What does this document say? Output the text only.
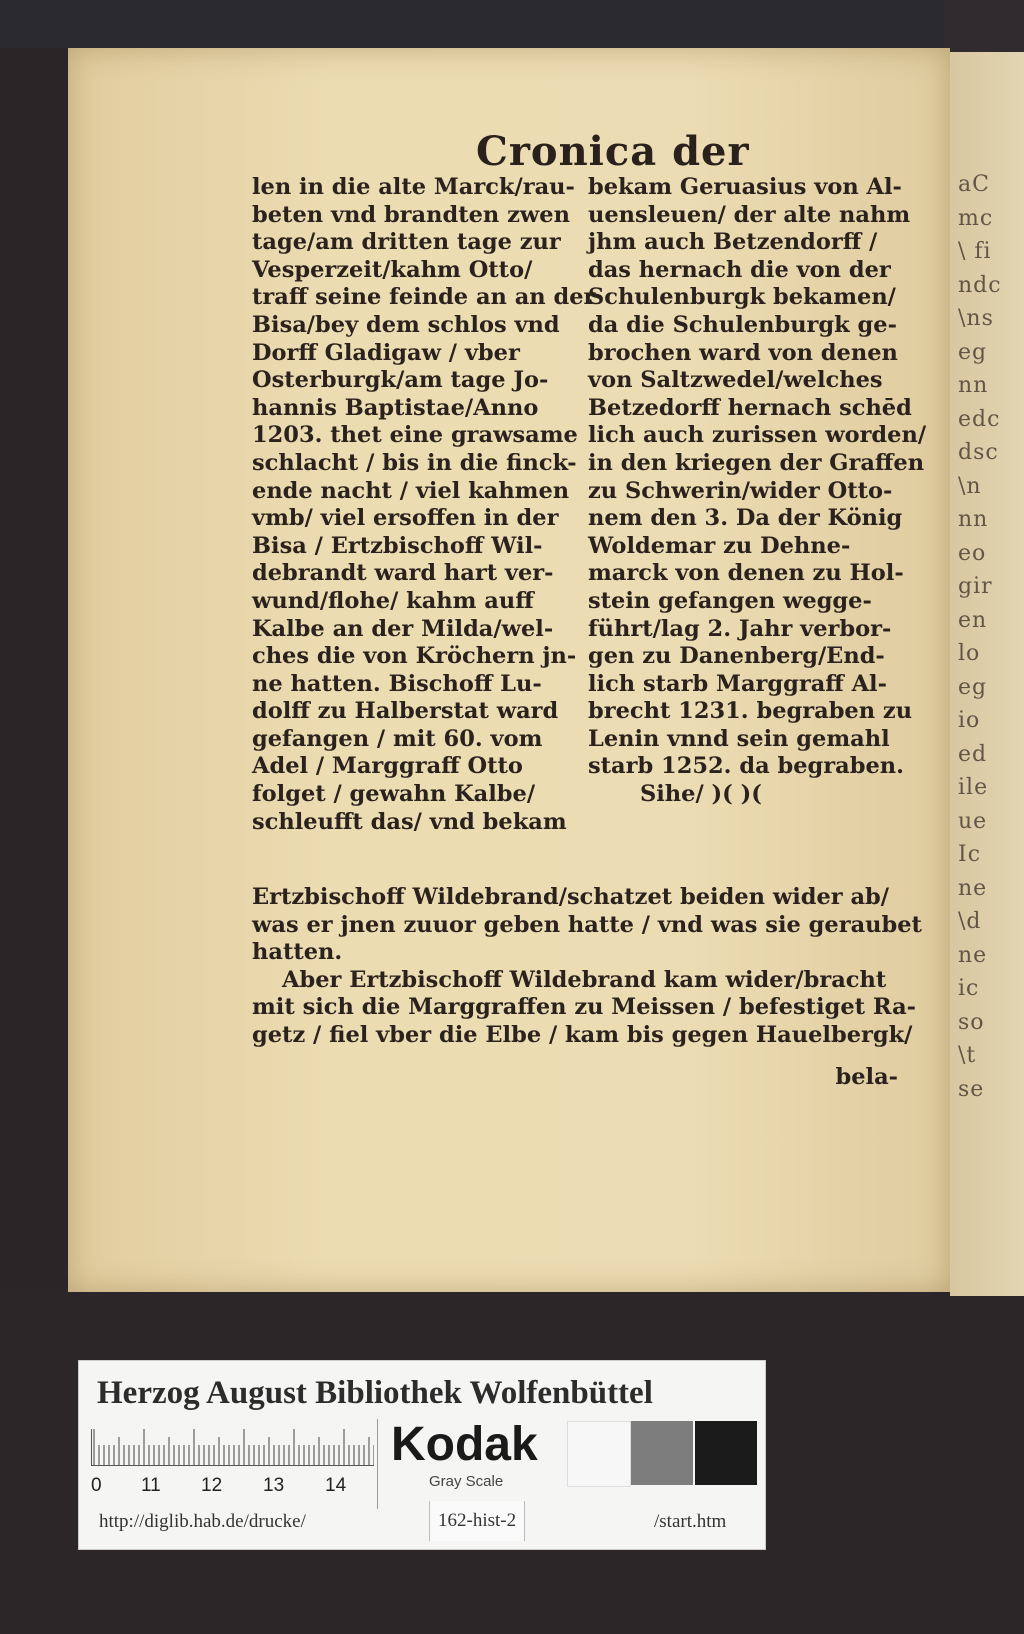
aC
mc
\ fi
ndc
\ns
eg
nn
edc
dsc
\n
nn
eo
gir
en
lo
eg
io
ed
ile
ue
Ic
ne
\d
ne
ic
so
\t
se
Cronica der
len in die alte Marck/rau-
beten vnd brandten zwen
tage/am dritten tage zur
Vesperzeit/kahm Otto/
traff seine feinde an an der
Bisa/bey dem schlos vnd
Dorff Gladigaw / vber
Osterburgk/am tage Jo-
hannis Baptistae/Anno
1203. thet eine grawsame
schlacht / bis in die finck-
ende nacht / viel kahmen
vmb/ viel ersoffen in der
Bisa / Ertzbischoff Wil-
debrandt ward hart ver-
wund/flohe/ kahm auff
Kalbe an der Milda/wel-
ches die von Kröchern jn-
ne hatten. Bischoff Lu-
dolff zu Halberstat ward
gefangen / mit 60. vom
Adel / Marggraff Otto
folget / gewahn Kalbe/
schleufft das/ vnd bekam
bekam Geruasius von Al-
uensleuen/ der alte nahm
jhm auch Betzendorff /
das hernach die von der
Schulenburgk bekamen/
da die Schulenburgk ge-
brochen ward von denen
von Saltzwedel/welches
Betzedorff hernach schēd
lich auch zurissen worden/
in den kriegen der Graffen
zu Schwerin/wider Otto-
nem den 3. Da der König
Woldemar zu Dehne-
marck von denen zu Hol-
stein gefangen wegge-
führt/lag 2. Jahr verbor-
gen zu Danenberg/End-
lich starb Marggraff Al-
brecht 1231. begraben zu
Lenin vnnd sein gemahl
starb 1252. da begraben.
Sihe/ )( )(
Ertzbischoff Wildebrand/schatzet beiden wider ab/
was er jnen zuuor geben hatte / vnd was sie geraubet
hatten.
Aber Ertzbischoff Wildebrand kam wider/bracht
mit sich die Marggraffen zu Meissen / befestiget Ra-
getz / fiel vber die Elbe / kam bis gegen Hauelbergk/
bela-
Herzog August Bibliothek Wolfenbüttel
0 11 12 13 14
Kodak
Gray Scale
http://diglib.hab.de/drucke/	162-hist-2	/start.htm
